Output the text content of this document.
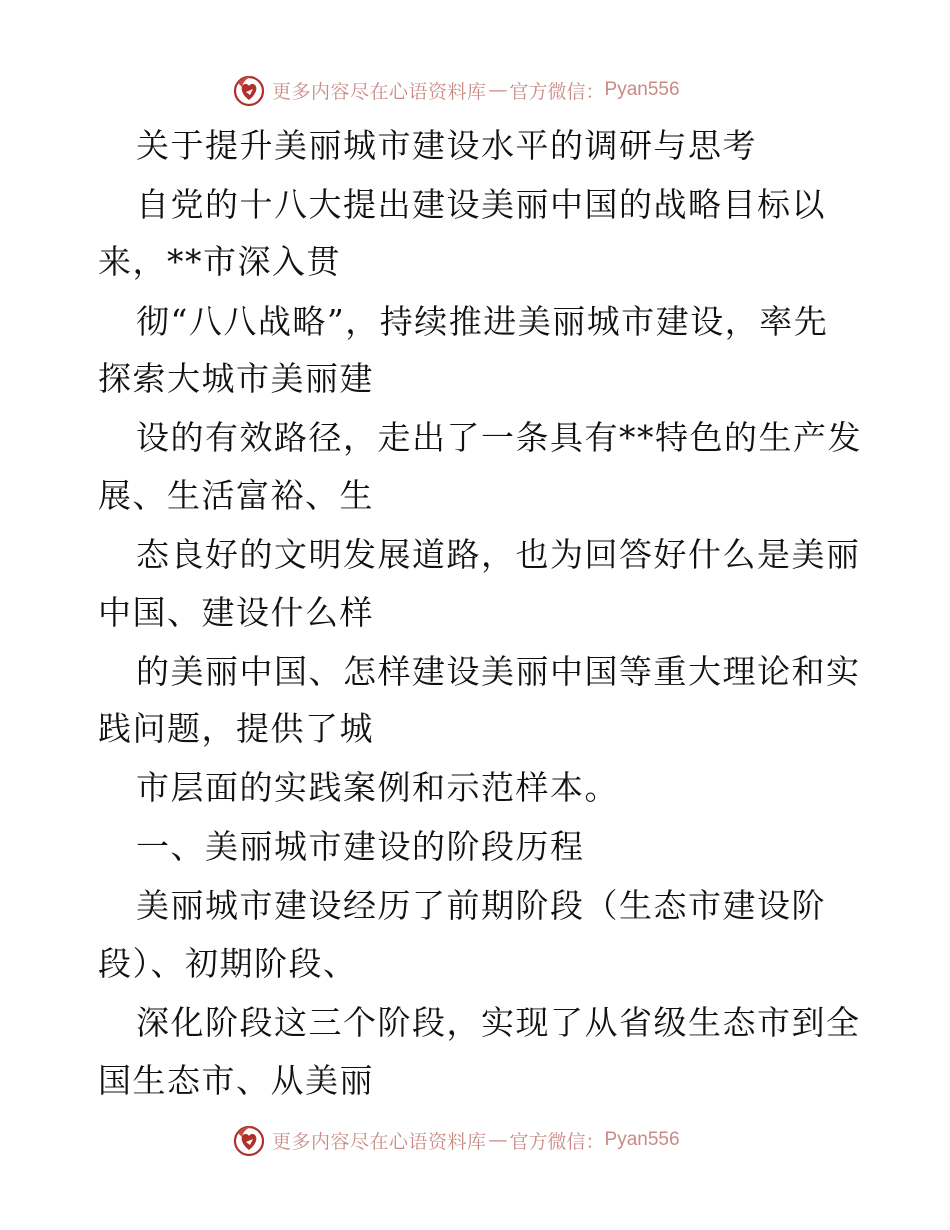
更多内容尽在心语资料库 — 官方微信： Pyan556
关于提升美丽城市建设水平的调研与思考
自党的十八大提出建设美丽中国的战略目标以
来，**市深入贯
彻“八八战略”，持续推进美丽城市建设，率先
探索大城市美丽建
设的有效路径，走出了一条具有**特色的生产发
展、生活富裕、生
态良好的文明发展道路，也为回答好什么是美丽
中国、建设什么样
的美丽中国、怎样建设美丽中国等重大理论和实
践问题，提供了城
市层面的实践案例和示范样本。
一、美丽城市建设的阶段历程
美丽城市建设经历了前期阶段（生态市建设阶
段）、初期阶段、
深化阶段这三个阶段，实现了从省级生态市到全
国生态市、从美丽
更多内容尽在心语资料库 — 官方微信： Pyan556
